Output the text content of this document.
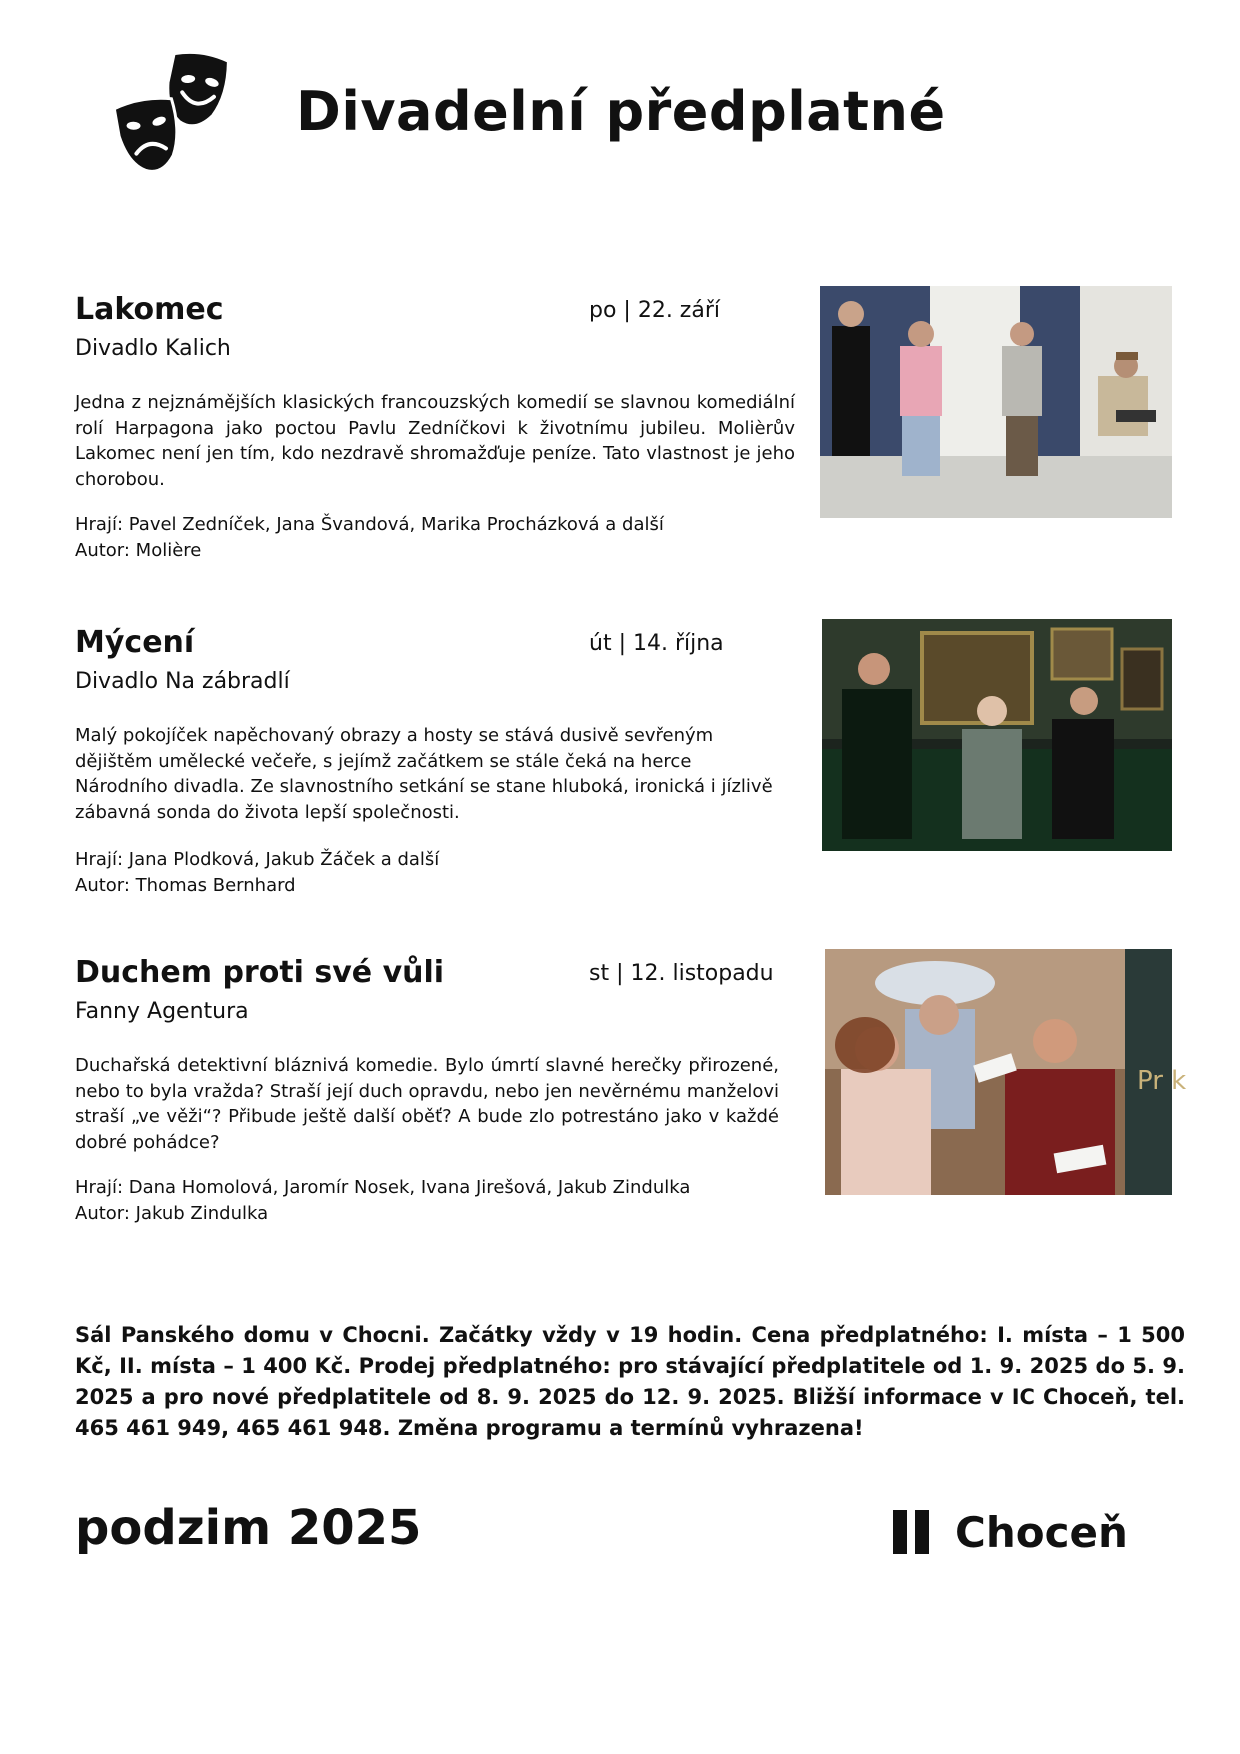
Divadelní předplatné
Lakomec	po | 22. září
Divadlo Kalich

Jedna z nejznámějších klasických francouzských komedií se slavnou komediální rolí Harpagona jako poctou Pavlu Zedníčkovi k životnímu jubileu. Molièrův Lakomec není jen tím, kdo nezdravě shromažďuje peníze. Tato vlastnost je jeho chorobou.

Hrají: Pavel Zedníček, Jana Švandová, Marika Procházková a další
Autor: Molière
Mýcení	út | 14. října
Divadlo Na zábradlí

Malý pokojíček napěchovaný obrazy a hosty se stává dusivě sevřeným dějištěm umělecké večeře, s jejímž začátkem se stále čeká na herce Národního divadla. Ze slavnostního setkání se stane hluboká, ironická i jízlivě zábavná sonda do života lepší společnosti.

Hrají: Jana Plodková, Jakub Žáček a další
Autor: Thomas Bernhard
Duchem proti své vůli	st | 12. listopadu
Fanny Agentura

Duchařská detektivní bláznivá komedie. Bylo úmrtí slavné herečky přirozené, nebo to byla vražda? Straší její duch opravdu, nebo jen nevěrnému manželovi straší „ve věži“? Přibude ještě další oběť? A bude zlo potrestáno jako v každé dobré pohádce?

Hrají: Dana Homolová, Jaromír Nosek, Ivana Jirešová, Jakub Zindulka
Autor: Jakub Zindulka
Pr k

Sál Panského domu v Chocni. Začátky vždy v 19 hodin. Cena předplatného: I. místa – 1 500 Kč, II. místa – 1 400 Kč. Prodej předplatného: pro stávající předplatitele od 1. 9. 2025 do 5. 9. 2025 a pro nové předplatitele od 8. 9. 2025 do 12. 9. 2025. Bližší informace v IC Choceň, tel. 465 461 949, 465 461 948. Změna programu a termínů vyhrazena!

podzim 2025	Choceň
